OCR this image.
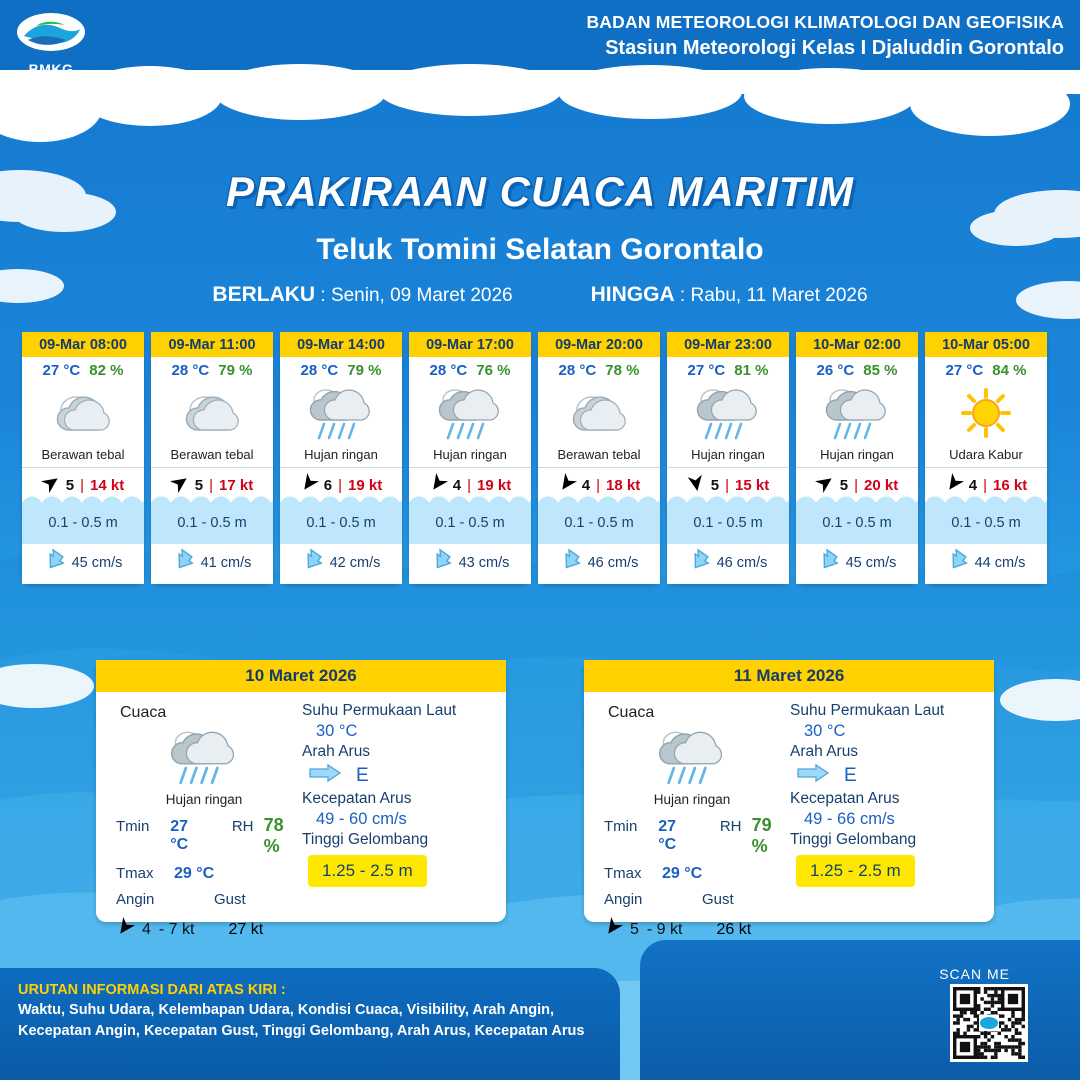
BMKG
BADAN METEOROLOGI KLIMATOLOGI DAN GEOFISIKA
Stasiun Meteorologi Kelas I Djaluddin Gorontalo
PRAKIRAAN CUACA MARITIM
Teluk Tomini Selatan Gorontalo
BERLAKU : Senin, 09 Maret 2026	HINGGA : Rabu, 11 Maret 2026
09-Mar 08:00
27 °C 82 %
Berawan tebal
5 | 14 kt
0.1 - 0.5 m
45 cm/s
09-Mar 11:00
28 °C 79 %
Berawan tebal
5 | 17 kt
0.1 - 0.5 m
41 cm/s
09-Mar 14:00
28 °C 79 %
Hujan ringan
6 | 19 kt
0.1 - 0.5 m
42 cm/s
09-Mar 17:00
28 °C 76 %
Hujan ringan
4 | 19 kt
0.1 - 0.5 m
43 cm/s
09-Mar 20:00
28 °C 78 %
Berawan tebal
4 | 18 kt
0.1 - 0.5 m
46 cm/s
09-Mar 23:00
27 °C 81 %
Hujan ringan
5 | 15 kt
0.1 - 0.5 m
46 cm/s
10-Mar 02:00
26 °C 85 %
Hujan ringan
5 | 20 kt
0.1 - 0.5 m
45 cm/s
10-Mar 05:00
27 °C 84 %
Udara Kabur
4 | 16 kt
0.1 - 0.5 m
44 cm/s
10 Maret 2026
Cuaca
Hujan ringan
Tmin	27 °C
RH 78 %
Tmax	29 °C
Angin	Gust
4 - 7 kt 27 kt
Suhu Permukaan Laut
30 °C
Arah Arus
E
Kecepatan Arus
49 - 60 cm/s
Tinggi Gelombang
1.25 - 2.5 m
11 Maret 2026
Cuaca
Hujan ringan
Tmin	27 °C
RH 79 %
Tmax	29 °C
Angin	Gust
5 - 9 kt 26 kt
Suhu Permukaan Laut
30 °C
Arah Arus
E
Kecepatan Arus
49 - 66 cm/s
Tinggi Gelombang
1.25 - 2.5 m
URUTAN INFORMASI DARI ATAS KIRI :
Waktu, Suhu Udara, Kelembapan Udara, Kondisi Cuaca, Visibility, Arah Angin,
Kecepatan Angin, Kecepatan Gust, Tinggi Gelombang, Arah Arus, Kecepatan Arus
SCAN ME
